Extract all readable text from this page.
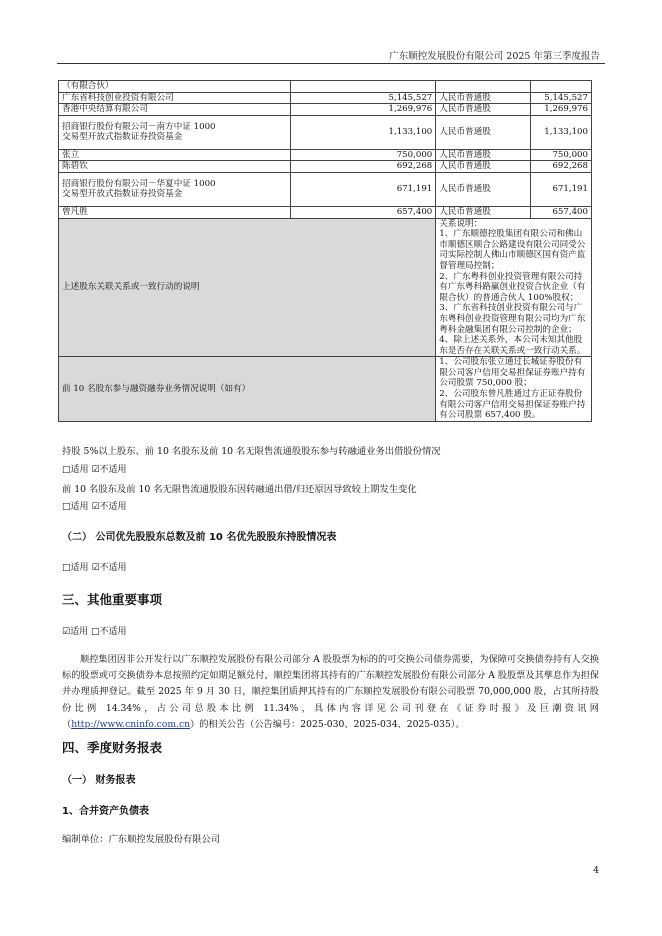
广东顺控发展股份有限公司 2025 年第三季度报告
（有限合伙）			
广东省科技创业投资有限公司	5,145,527	人民币普通股	5,145,527
香港中央结算有限公司	1,269,976	人民币普通股	1,269,976
招商银行股份有限公司－南方中证 1000 交易型开放式指数证券投资基金	1,133,100	人民币普通股	1,133,100
张立	750,000	人民币普通股	750,000
陈碧钦	692,268	人民币普通股	692,268
招商银行股份有限公司－华夏中证 1000 交易型开放式指数证券投资基金	671,191	人民币普通股	671,191
曾凡胜	657,400	人民币普通股	657,400
上述股东关联关系或一致行动的说明		关系说明：
1、广东顺德控股集团有限公司和佛山市顺德区顺合公路建设有限公司同受公司实际控制人佛山市顺德区国有资产监督管理局控制；
2、广东粤科创业投资管理有限公司持有广东粤科路赢创业投资合伙企业（有限合伙）的普通合伙人 100%股权；
3、广东省科技创业投资有限公司与广东粤科创业投资管理有限公司均为广东粤科金融集团有限公司控制的企业；
4、除上述关系外，本公司未知其他股东是否存在关联关系或一致行动关系。	

前 10 名股东参与融资融券业务情况说明（如有）		1、公司股东张立通过长城证券股份有限公司客户信用交易担保证券账户持有公司股票 750,000 股；
2、公司股东曾凡胜通过方正证券股份有限公司客户信用交易担保证券账户持有公司股票 657,400 股。	
持股 5%以上股东、前 10 名股东及前 10 名无限售流通股股东参与转融通业务出借股份情况
□适用 ☑不适用
前 10 名股东及前 10 名无限售流通股股东因转融通出借/归还原因导致较上期发生变化
□适用 ☑不适用
（二） 公司优先股股东总数及前 10 名优先股股东持股情况表
□适用 ☑不适用
三、其他重要事项
☑适用 □不适用
顺控集团因非公开发行以广东顺控发展股份有限公司部分 A 股股票为标的的可交换公司债券需要，为保障可交换债券持有人交换标的股票或可交换债券本息按照约定如期足额兑付，顺控集团将其持有的广东顺控发展股份有限公司部分 A 股股票及其孳息作为担保并办理质押登记。截至 2025 年 9 月 30 日，顺控集团质押其持有的广东顺控发展股份有限公司股票 70,000,000 股，占其所持股份比例 14.34%，占公司总股本比例 11.34%，具体内容详见公司刊登在《证券时报》及巨潮资讯网（http://www.cninfo.com.cn）的相关公告（公告编号：2025-030、2025-034、2025-035）。
四、季度财务报表
（一） 财务报表
1、合并资产负债表
编制单位：广东顺控发展股份有限公司
4
